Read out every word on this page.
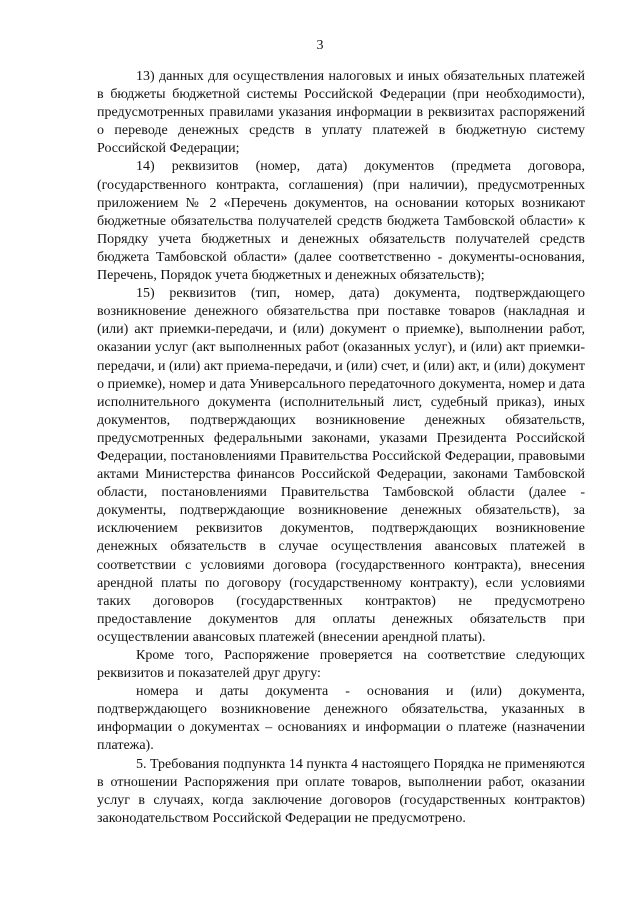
3

13) данных для осуществления налоговых и иных обязательных платежей в бюджеты бюджетной системы Российской Федерации (при необходимости), предусмотренных правилами указания информации в реквизитах распоряжений о переводе денежных средств в уплату платежей в бюджетную систему Российской Федерации;

14) реквизитов (номер, дата) документов (предмета договора, (государственного контракта, соглашения) (при наличии), предусмотренных приложением № 2 «Перечень документов, на основании которых возникают бюджетные обязательства получателей средств бюджета Тамбовской области» к Порядку учета бюджетных и денежных обязательств получателей средств бюджета Тамбовской области» (далее соответственно - документы-основания, Перечень, Порядок учета бюджетных и денежных обязательств);

15) реквизитов (тип, номер, дата) документа, подтверждающего возникновение денежного обязательства при поставке товаров (накладная и (или) акт приемки-передачи, и (или) документ о приемке), выполнении работ, оказании услуг (акт выполненных работ (оказанных услуг), и (или) акт приемки-передачи, и (или) акт приема-передачи, и (или) счет, и (или) акт, и (или) документ о приемке), номер и дата Универсального передаточного документа, номер и дата исполнительного документа (исполнительный лист, судебный приказ), иных документов, подтверждающих возникновение денежных обязательств, предусмотренных федеральными законами, указами Президента Российской Федерации, постановлениями Правительства Российской Федерации, правовыми актами Министерства финансов Российской Федерации, законами Тамбовской области, постановлениями Правительства Тамбовской области (далее - документы, подтверждающие возникновение денежных обязательств), за исключением реквизитов документов, подтверждающих возникновение денежных обязательств в случае осуществления авансовых платежей в соответствии с условиями договора (государственного контракта), внесения арендной платы по договору (государственному контракту), если условиями таких договоров (государственных контрактов) не предусмотрено предоставление документов для оплаты денежных обязательств при осуществлении авансовых платежей (внесении арендной платы).

Кроме того, Распоряжение проверяется на соответствие следующих реквизитов и показателей друг другу:

номера и даты документа - основания и (или) документа, подтверждающего возникновение денежного обязательства, указанных в информации о документах – основаниях и информации о платеже (назначении платежа).

5. Требования подпункта 14 пункта 4 настоящего Порядка не применяются в отношении Распоряжения при оплате товаров, выполнении работ, оказании услуг в случаях, когда заключение договоров (государственных контрактов) законодательством Российской Федерации не предусмотрено.
